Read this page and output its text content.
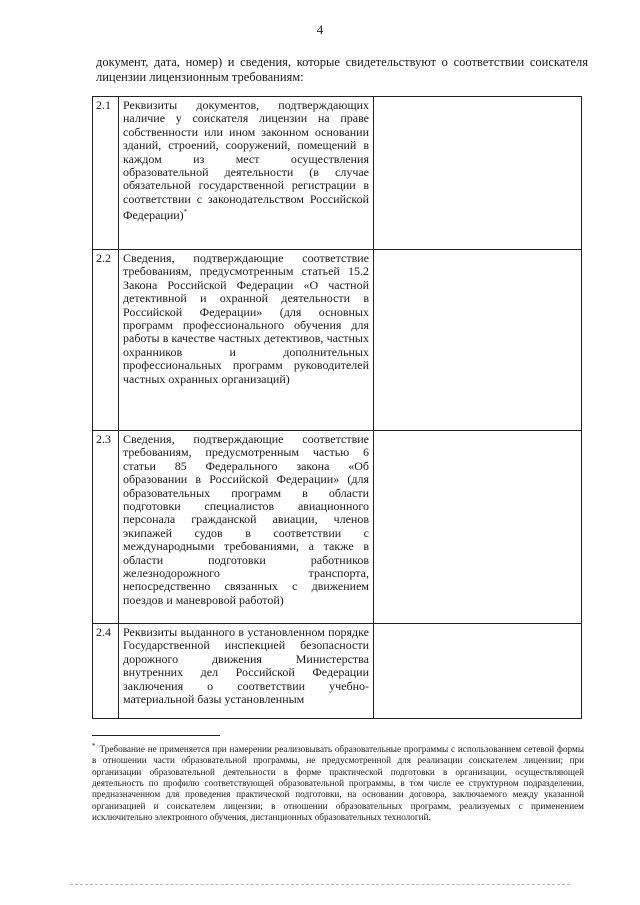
4
документ, дата, номер) и сведения, которые свидетельствуют о соответствии соискателя лицензии лицензионным требованиям:
2.1	Реквизиты документов, подтверждающих наличие у соискателя лицензии на праве собственности или ином законном основании зданий, строений, сооружений, помещений в каждом из мест осуществления образовательной деятельности (в случае обязательной государственной регистрации в соответствии с законодательством Российской Федерации)*	
2.2	Сведения, подтверждающие соответствие требованиям, предусмотренным статьей 15.2 Закона Российской Федерации «О частной детективной и охранной деятельности в Российской Федерации» (для основных программ профессионального обучения для работы в качестве частных детективов, частных охранников и дополнительных профессиональных программ руководителей частных охранных организаций)	
2.3	Сведения, подтверждающие соответствие требованиям, предусмотренным частью 6 статьи 85 Федерального закона «Об образовании в Российской Федерации» (для образовательных программ в области подготовки специалистов авиационного персонала гражданской авиации, членов экипажей судов в соответствии с международными требованиями, а также в области подготовки работников железнодорожного транспорта, непосредственно связанных с движением поездов и маневровой работой)	
2.4	Реквизиты выданного в установленном порядке Государственной инспекцией безопасности дорожного движения Министерства внутренних дел Российской Федерации заключения о соответствии учебно-материальной базы установленным	

* Требование не применяется при намерении реализовывать образовательные программы с использованием сетевой формы в отношении части образовательной программы, не предусмотренной для реализации соискателем лицензии; при организации образовательной деятельности в форме практической подготовки в организации, осуществляющей деятельность по профилю соответствующей образовательной программы, в том числе ее структурном подразделении, предназначенном для проведения практической подготовки, на основании договора, заключаемого между указанной организацией и соискателем лицензии; в отношении образовательных программ, реализуемых с применением исключительно электронного обучения, дистанционных образовательных технологий.
